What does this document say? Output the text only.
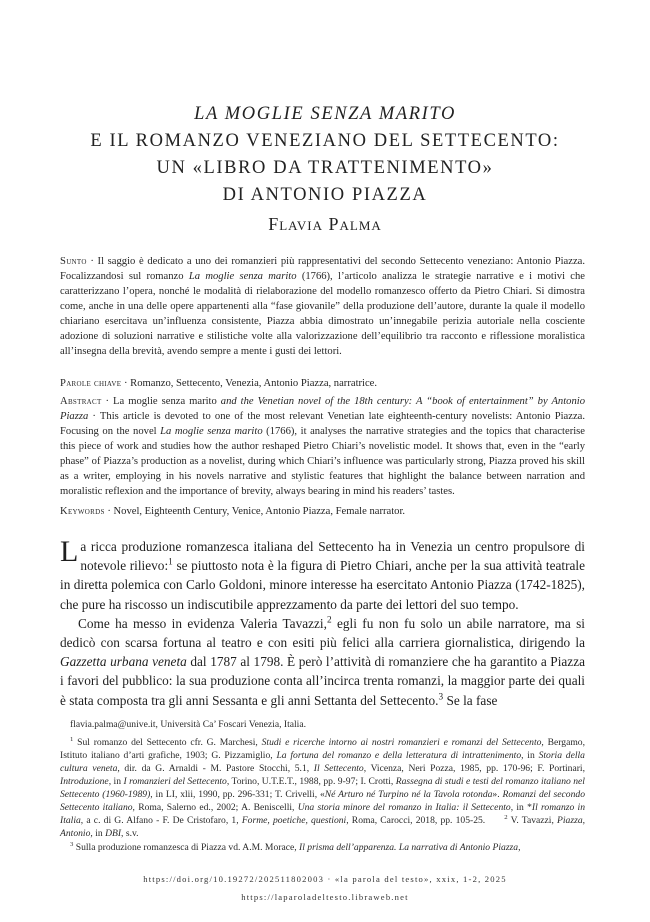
LA MOGLIE SENZA MARITO
E IL ROMANZO VENEZIANO DEL SETTECENTO:
UN «LIBRO DA TRATTENIMENTO»
DI ANTONIO PIAZZA
Flavia Palma
Sunto · Il saggio è dedicato a uno dei romanzieri più rappresentativi del secondo Settecento veneziano: Antonio Piazza. Focalizzandosi sul romanzo La moglie senza marito (1766), l’articolo analizza le strategie narrative e i motivi che caratterizzano l’opera, nonché le modalità di rielaborazione del modello romanzesco offerto da Pietro Chiari. Si dimostra come, anche in una delle opere appartenenti alla “fase giovanile” della produzione dell’autore, durante la quale il modello chiariano esercitava un’influenza consistente, Piazza abbia dimostrato un’innegabile perizia autoriale nella cosciente adozione di soluzioni narrative e stilistiche volte alla valorizzazione dell’equilibrio tra racconto e riflessione moralistica all’insegna della brevità, avendo sempre a mente i gusti dei lettori.
Parole chiave · Romanzo, Settecento, Venezia, Antonio Piazza, narratrice.
Abstract · La moglie senza marito and the Venetian novel of the 18th century: A “book of entertainment” by Antonio Piazza · This article is devoted to one of the most relevant Venetian late eighteenth-century novelists: Antonio Piazza. Focusing on the novel La moglie senza marito (1766), it analyses the narrative strategies and the topics that characterise this piece of work and studies how the author reshaped Pietro Chiari’s novelistic model. It shows that, even in the “early phase” of Piazza’s production as a novelist, during which Chiari’s influence was particularly strong, Piazza proved his skill as a writer, employing in his novels narrative and stylistic features that highlight the balance between narration and moralistic reflexion and the importance of brevity, always bearing in mind his readers’ tastes.
Keywords · Novel, Eighteenth Century, Venice, Antonio Piazza, Female narrator.
La ricca produzione romanzesca italiana del Settecento ha in Venezia un centro propulsore di notevole rilievo:$^1$ se piuttosto nota è la figura di Pietro Chiari, anche per la sua attività teatrale in diretta polemica con Carlo Goldoni, minore interesse ha esercitato Antonio Piazza (1742-1825), che pure ha riscosso un indiscutibile apprezzamento da parte dei lettori del suo tempo.
Come ha messo in evidenza Valeria Tavazzi,$^2$ egli fu non fu solo un abile narratore, ma si dedicò con scarsa fortuna al teatro e con esiti più felici alla carriera giornalistica, dirigendo la Gazzetta urbana veneta dal 1787 al 1798. È però l’attività di romanziere che ha garantito a Piazza i favori del pubblico: la sua produzione conta all’incirca trenta romanzi, la maggior parte dei quali è stata composta tra gli anni Sessanta e gli anni Settanta del Settecento.$^3$ Se la fase
flavia.palma@unive.it, Università Ca’ Foscari Venezia, Italia.
$^1$ Sul romanzo del Settecento cfr. G. Marchesi, Studi e ricerche intorno ai nostri romanzieri e romanzi del Settecento, Bergamo, Istituto italiano d’arti grafiche, 1903; G. Pizzamiglio, La fortuna del romanzo e della letteratura di intrattenimento, in Storia della cultura veneta, dir. da G. Arnaldi - M. Pastore Stocchi, 5.1, Il Settecento, Vicenza, Neri Pozza, 1985, pp. 170-96; F. Portinari, Introduzione, in I romanzieri del Settecento, Torino, U.T.E.T., 1988, pp. 9-97; I. Crotti, Rassegna di studi e testi del romanzo italiano nel Settecento (1960-1989), in LI, xlii, 1990, pp. 296-331; T. Crivelli, «Né Arturo né Turpino né la Tavola rotonda». Romanzi del secondo Settecento italiano, Roma, Salerno ed., 2002; A. Beniscelli, Una storia minore del romanzo in Italia: il Settecento, in *Il romanzo in Italia, a c. di G. Alfano - F. De Cristofaro, 1, Forme, poetiche, questioni, Roma, Carocci, 2018, pp. 105-25.	$^2$ V. Tavazzi, Piazza, Antonio, in DBI, s.v.
$^3$ Sulla produzione romanzesca di Piazza vd. A.M. Morace, Il prisma dell’apparenza. La narrativa di Antonio Piazza,
https://doi.org/10.19272/202511802003 · «la parola del testo», xxix, 1-2, 2025
https://laparoladeltesto.libraweb.net
